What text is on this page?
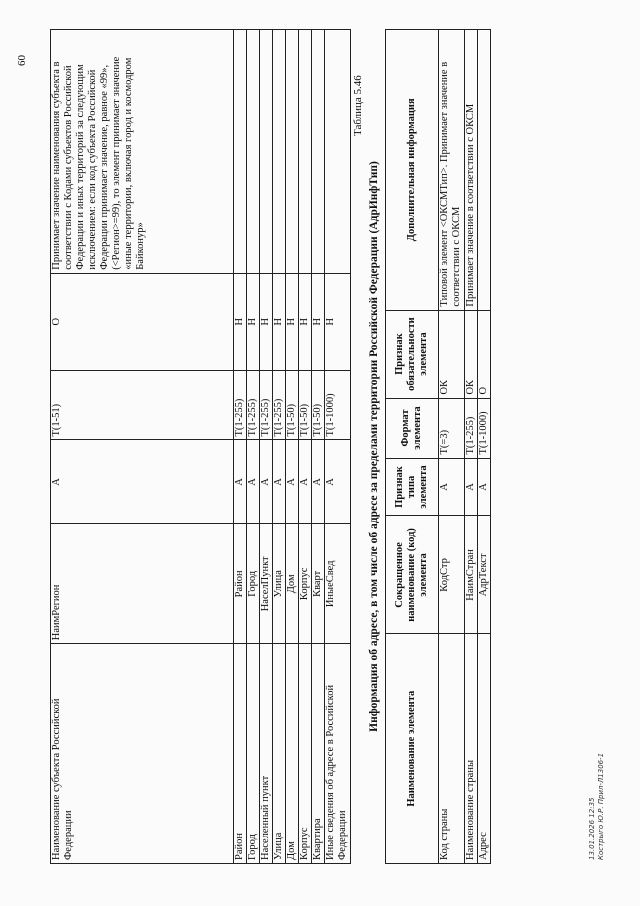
60
Наименование субъекта Российской Федерации	НаимРегион	А	Т(1-51)	О	Принимает значение наименования субъекта в соответствии с Кодами субъектов Российской Федерации и иных территорий за следующим исключением: если код субъекта Российской Федерации принимает значение, равное «99», (<Регион>=99), то элемент принимает значение «иные территории, включая город и космодром Байконур»
Район	Район	А	Т(1-255)	Н	
Город	Город	А	Т(1-255)	Н	
Населенный пункт	НаселПункт	А	Т(1-255)	Н	
Улица	Улица	А	Т(1-255)	Н	
Дом	Дом	А	Т(1-50)	Н	
Корпус	Корпус	А	Т(1-50)	Н	
Квартира	Кварт	А	Т(1-50)	Н	
Иные сведения об адресе в Российской Федерации	ИныеСвед	А	Т(1-1000)	Н	
Таблица 5.46
Информация об адресе, в том числе об адресе за пределами территории Российской Федерации (АдрИнфТип)
Наименование элемента	Сокращенное наименование (код) элемента	Признак типа элемента	Формат элемента	Признак обязательности элемента	Дополнительная информация
Код страны	КодСтр	А	Т(=3)	ОК	Типовой элемент <ОКСМТип>. Принимает значение в соответствии с ОКСМ
Наименование страны	НаимСтран	А	Т(1-255)	ОК	Принимает значение в соответствии с ОКСМ
Адрес	АдрТекст	А	Т(1-1000)	О	
13.01.2026 12:35 Кострыго Ю.Р. Прил-Л1306-1
